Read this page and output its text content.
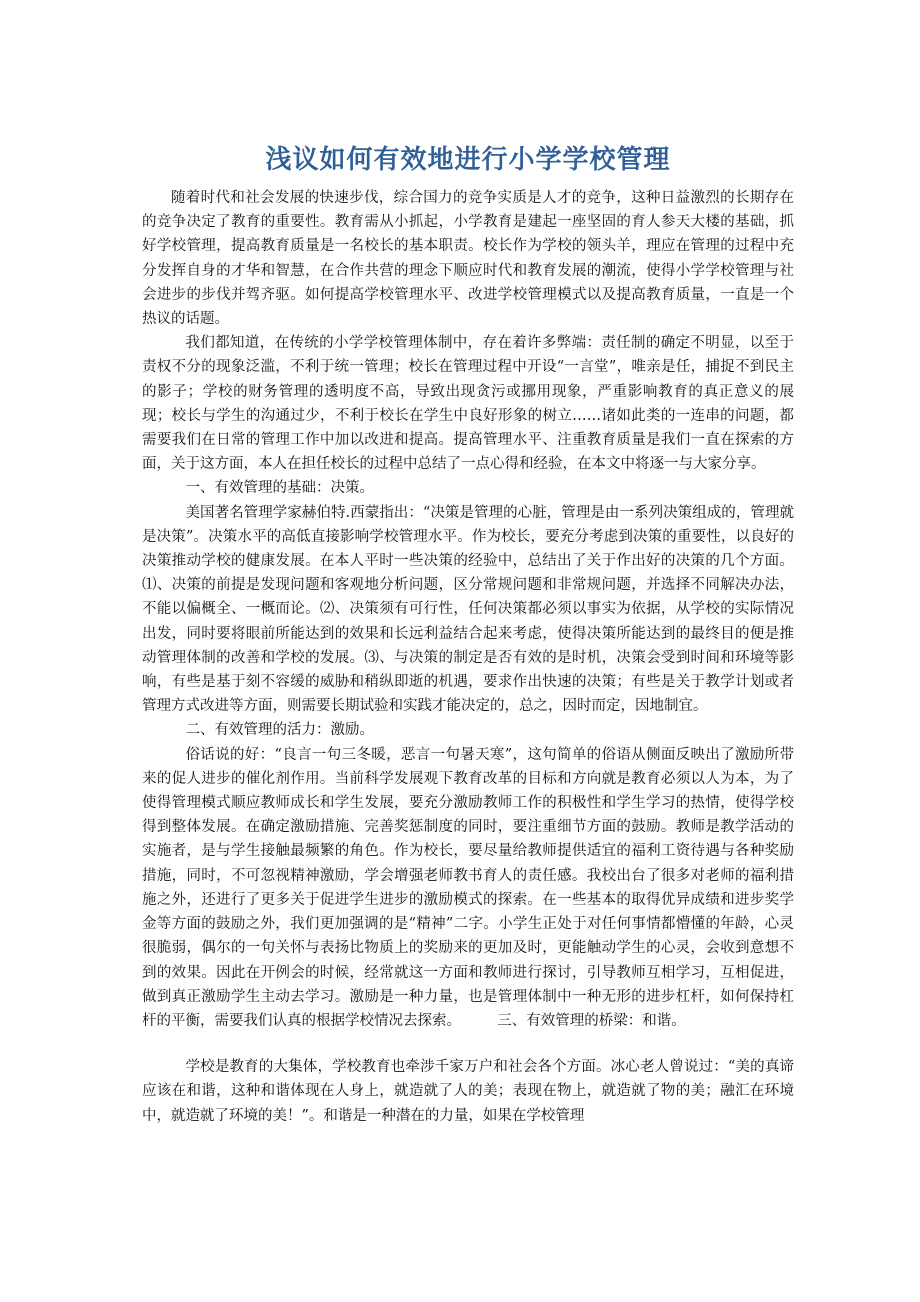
浅议如何有效地进行小学学校管理

随着时代和社会发展的快速步伐，综合国力的竞争实质是人才的竞争，这种日益激烈的长期存在的竞争决定了教育的重要性。教育需从小抓起，小学教育是建起一座坚固的育人参天大楼的基础，抓好学校管理，提高教育质量是一名校长的基本职责。校长作为学校的领头羊，理应在管理的过程中充分发挥自身的才华和智慧，在合作共营的理念下顺应时代和教育发展的潮流，使得小学学校管理与社会进步的步伐并驾齐驱。如何提高学校管理水平、改进学校管理模式以及提高教育质量，一直是一个热议的话题。

我们都知道，在传统的小学学校管理体制中，存在着许多弊端：责任制的确定不明显，以至于责权不分的现象泛滥，不利于统一管理；校长在管理过程中开设“一言堂”，唯亲是任，捕捉不到民主的影子；学校的财务管理的透明度不高，导致出现贪污或挪用现象，严重影响教育的真正意义的展现；校长与学生的沟通过少，不利于校长在学生中良好形象的树立……诸如此类的一连串的问题，都需要我们在日常的管理工作中加以改进和提高。提高管理水平、注重教育质量是我们一直在探索的方面，关于这方面，本人在担任校长的过程中总结了一点心得和经验，在本文中将逐一与大家分享。

一、有效管理的基础：决策。

美国著名管理学家赫伯特.西蒙指出：“决策是管理的心脏，管理是由一系列决策组成的，管理就是决策”。决策水平的高低直接影响学校管理水平。作为校长，要充分考虑到决策的重要性，以良好的决策推动学校的健康发展。在本人平时一些决策的经验中，总结出了关于作出好的决策的几个方面。⑴、决策的前提是发现问题和客观地分析问题，区分常规问题和非常规问题，并选择不同解决办法，不能以偏概全、一概而论。⑵、决策须有可行性，任何决策都必须以事实为依据，从学校的实际情况出发，同时要将眼前所能达到的效果和长远利益结合起来考虑，使得决策所能达到的最终目的便是推动管理体制的改善和学校的发展。⑶、与决策的制定是否有效的是时机，决策会受到时间和环境等影响，有些是基于刻不容缓的威胁和稍纵即逝的机遇，要求作出快速的决策；有些是关于教学计划或者管理方式改进等方面，则需要长期试验和实践才能决定的，总之，因时而定，因地制宜。

二、有效管理的活力：激励。

俗话说的好：“良言一句三冬暖，恶言一句暑天寒”，这句简单的俗语从侧面反映出了激励所带来的促人进步的催化剂作用。当前科学发展观下教育改革的目标和方向就是教育必须以人为本，为了使得管理模式顺应教师成长和学生发展，要充分激励教师工作的积极性和学生学习的热情，使得学校得到整体发展。在确定激励措施、完善奖惩制度的同时，要注重细节方面的鼓励。教师是教学活动的实施者，是与学生接触最频繁的角色。作为校长，要尽量给教师提供适宜的福利工资待遇与各种奖励措施，同时，不可忽视精神激励，学会增强老师教书育人的责任感。我校出台了很多对老师的福利措施之外，还进行了更多关于促进学生进步的激励模式的探索。在一些基本的取得优异成绩和进步奖学金等方面的鼓励之外，我们更加强调的是“精神”二字。小学生正处于对任何事情都懵懂的年龄，心灵很脆弱，偶尔的一句关怀与表扬比物质上的奖励来的更加及时，更能触动学生的心灵，会收到意想不到的效果。因此在开例会的时候，经常就这一方面和教师进行探讨，引导教师互相学习，互相促进，做到真正激励学生主动去学习。激励是一种力量，也是管理体制中一种无形的进步杠杆，如何保持杠杆的平衡，需要我们认真的根据学校情况去探索。　　　三、有效管理的桥梁：和谐。

学校是教育的大集体，学校教育也牵涉千家万户和社会各个方面。冰心老人曾说过：“美的真谛应该在和谐，这种和谐体现在人身上，就造就了人的美；表现在物上，就造就了物的美；融汇在环境中，就造就了环境的美！”。和谐是一种潜在的力量，如果在学校管理
